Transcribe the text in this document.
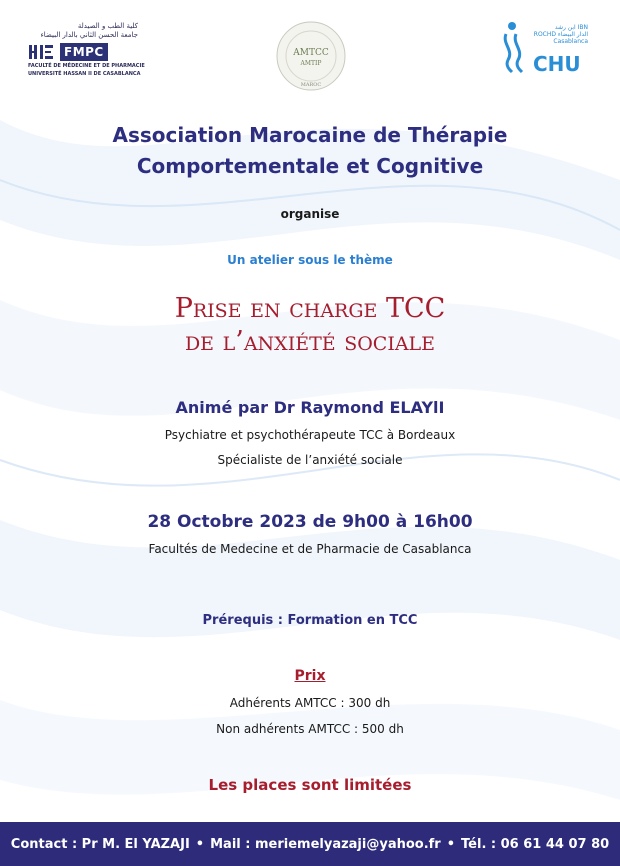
كلية الطب و الصيدلة
جامعة الحسن الثاني بالدار البيضاء
FMPC
FACULTÉ DE MÉDECINE ET DE PHARMACIE
UNIVERSITÉ HASSAN II DE CASABLANCA
AMTCC
ΑΜΤΙΡ
MAROC
ابن رشد IBN ROCHD الدار البيضاء Casablanca
CHU
Association Marocaine de Thérapie
Comportementale et Cognitive
organise
Un atelier sous le thème
Prise en charge TCC
de l’anxiété sociale
Animé par Dr Raymond ELAYlI
Psychiatre et psychothérapeute TCC à Bordeaux
Spécialiste de l’anxiété sociale
28 Octobre 2023 de 9h00 à 16h00
Facultés de Medecine et de Pharmacie de Casablanca
Prérequis : Formation en TCC
Prix
Adhérents AMTCC : 300 dh
Non adhérents AMTCC : 500 dh
Les places sont limitées
Contact : Pr M. El YAZAJI • Mail : meriemelyazaji@yahoo.fr • Tél. : 06 61 44 07 80
